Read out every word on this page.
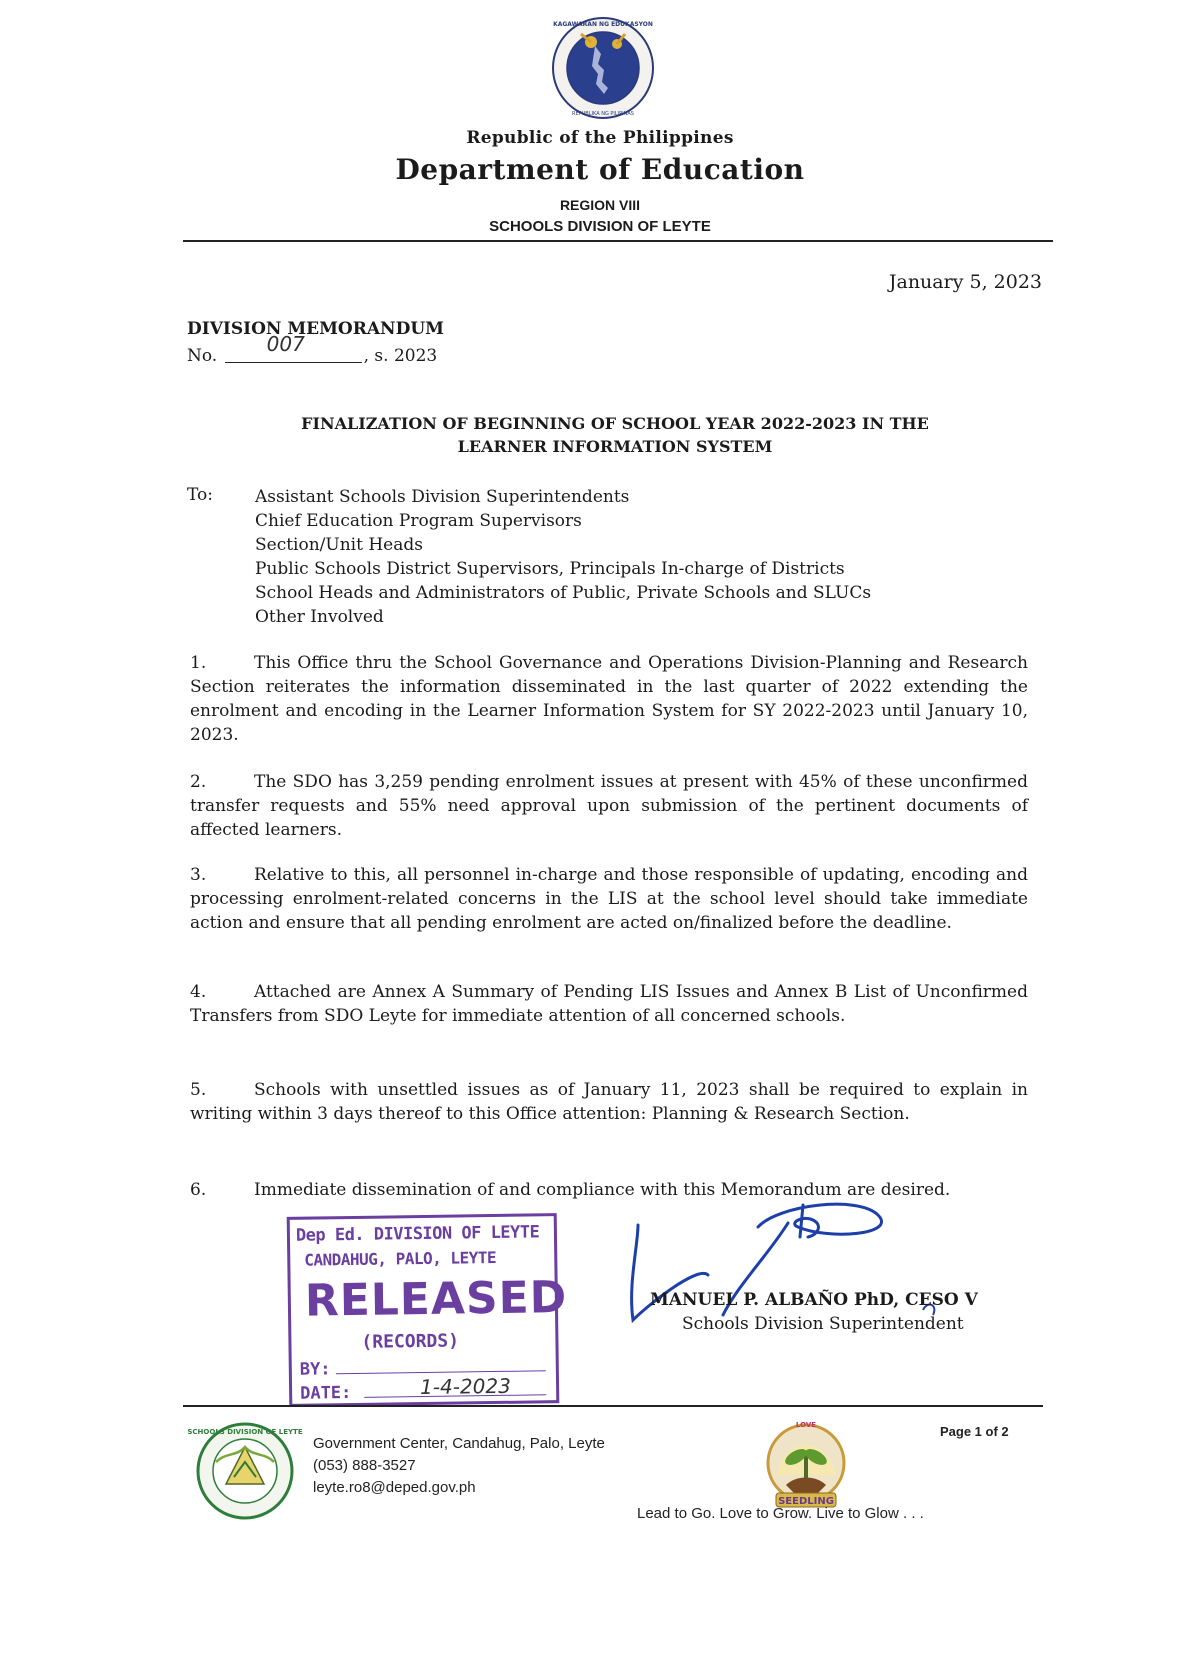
KAGAWARAN NG EDUKASYON
REPUBLIKA NG PILIPINAS
Republic of the Philippines
Department of Education
REGION VIII
SCHOOLS DIVISION OF LEYTE
January 5, 2023
DIVISION MEMORANDUM
No. 007	, s. 2023
FINALIZATION OF BEGINNING OF SCHOOL YEAR 2022-2023 IN THE
LEARNER INFORMATION SYSTEM
To: Assistant Schools Division Superintendents
Chief Education Program Supervisors
Section/Unit Heads
Public Schools District Supervisors, Principals In-charge of Districts
School Heads and Administrators of Public, Private Schools and SLUCs
Other Involved
1.	This Office thru the School Governance and Operations Division-Planning and Research Section reiterates the information disseminated in the last quarter of 2022 extending the enrolment and encoding in the Learner Information System for SY 2022-2023 until January 10, 2023.
2.	The SDO has 3,259 pending enrolment issues at present with 45% of these unconfirmed transfer requests and 55% need approval upon submission of the pertinent documents of affected learners.
3.	Relative to this, all personnel in-charge and those responsible of updating, encoding and processing enrolment-related concerns in the LIS at the school level should take immediate action and ensure that all pending enrolment are acted on/finalized before the deadline.
4.	Attached are Annex A Summary of Pending LIS Issues and Annex B List of Unconfirmed Transfers from SDO Leyte for immediate attention of all concerned schools.
5.	Schools with unsettled issues as of January 11, 2023 shall be required to explain in writing within 3 days thereof to this Office attention: Planning & Research Section.
6.	Immediate dissemination of and compliance with this Memorandum are desired.
Dep Ed. DIVISION OF LEYTE
CANDAHUG, PALO, LEYTE
RELEASED
(RECORDS)
BY:
DATE:	1-4-2023
MANUEL P. ALBAÑO PhD, CESO V
Schools Division Superintendent
SCHOOLS DIVISION OF LEYTE
Government Center, Candahug, Palo, Leyte
(053) 888-3527
leyte.ro8@deped.gov.ph
SEEDLING
LOVE	Page 1 of 2
Lead to Go. Love to Grow. Live to Glow . . .
